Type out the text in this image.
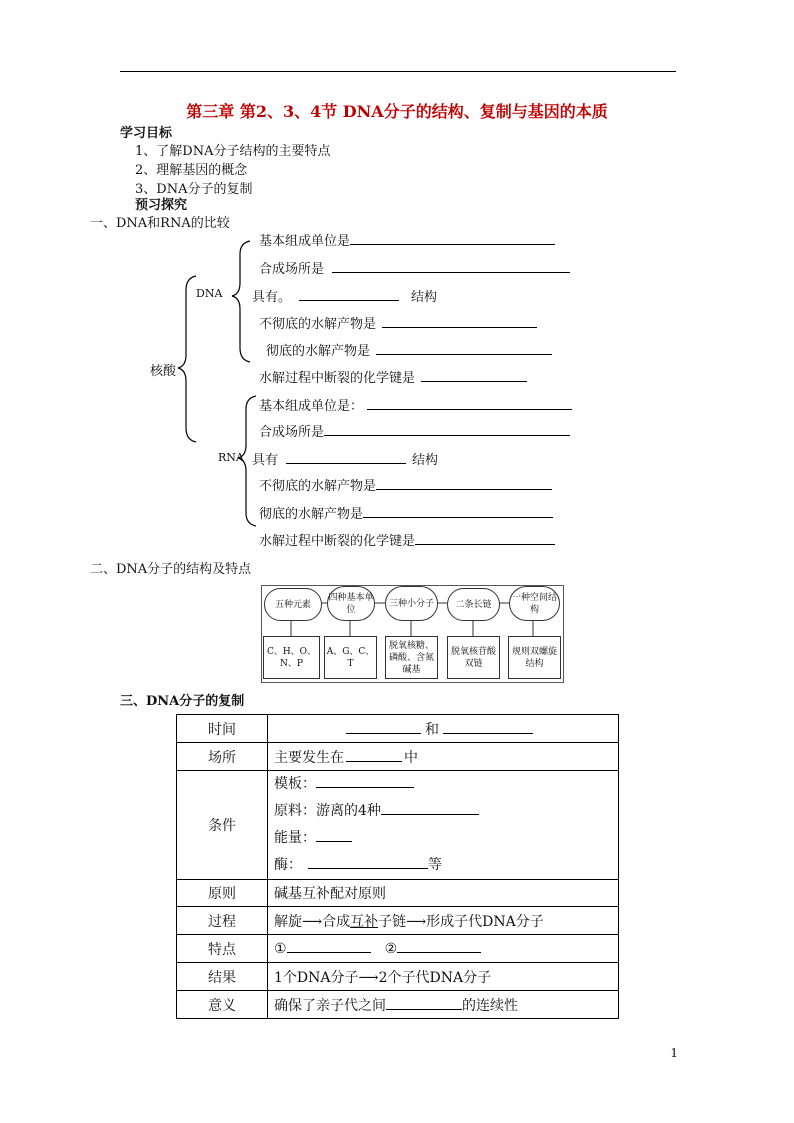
第三章 第2、3、4节 DNA分子的结构、复制与基因的本质
学习目标
1、了解DNA分子结构的主要特点
2、理解基因的概念
3、DNA分子的复制
预习探究
一、DNA和RNA的比较
核酸
DNA
RNA
基本组成单位是
合成场所是
具有。	结构
不彻底的水解产物是
彻底的水解产物是
水解过程中断裂的化学键是
基本组成单位是：
合成场所是
具有	结构
不彻底的水解产物是
彻底的水解产物是
水解过程中断裂的化学键是
二、DNA分子的结构及特点
五种元素
四种基本单位
三种小分子	二条长链
一种空间结构
C、H、O、N、P
A、G、C、T
脱氧核糖、磷酸、含氮碱基
脱氧核苷酸双链
规则双螺旋结构
三、DNA分子的复制
时间	和
场所	主要发生在 中
条件	模板：
原料：游离的4种
能量：
酶： 等

原则	碱基互补配对原则
过程	解旋⟶合成互补子链⟶形成子代DNA分子
特点	① ②
结果	1个DNA分子⟶2个子代DNA分子
意义	确保了亲子代之间 的连续性
1
